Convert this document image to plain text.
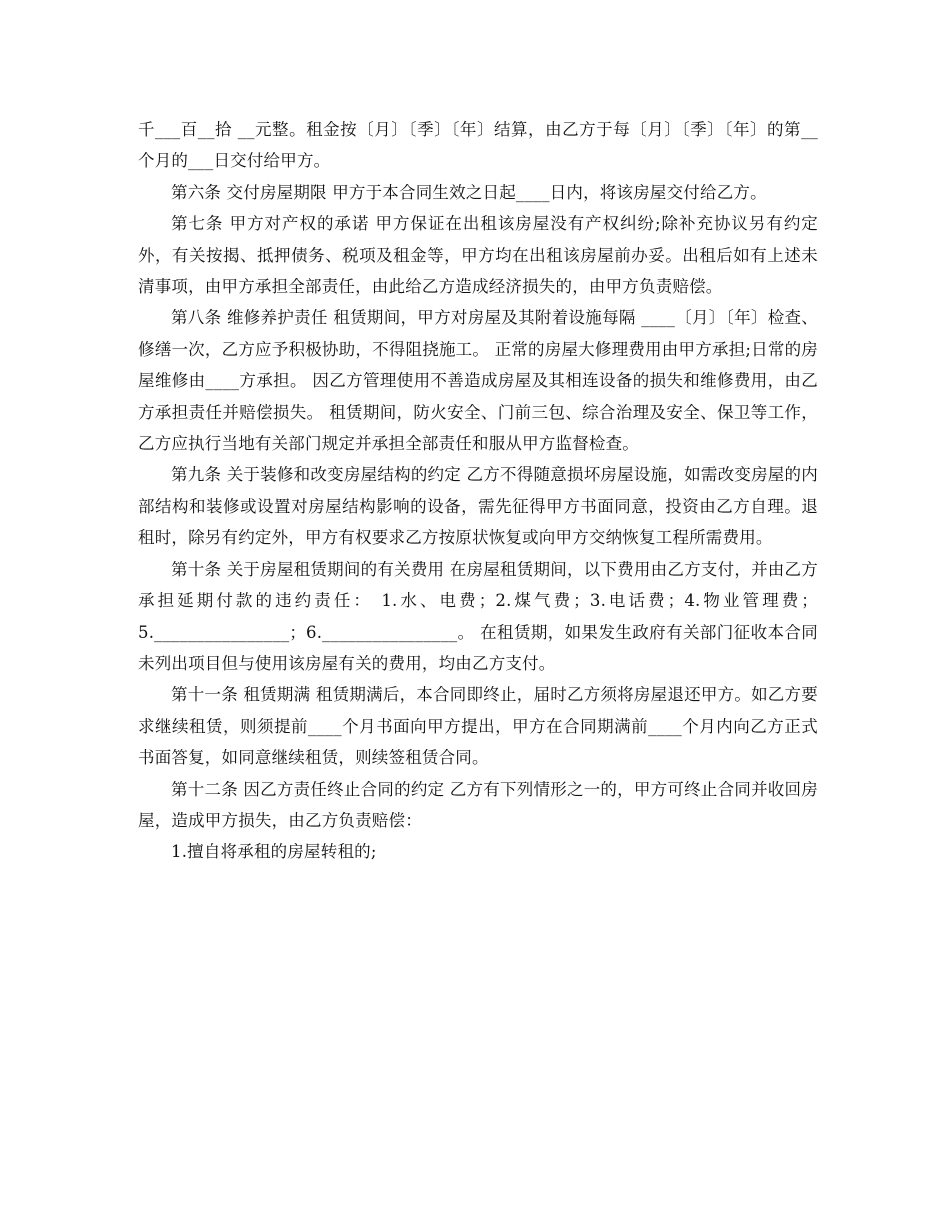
千___百__拾 __元整。租金按〔月〕〔季〕〔年〕结算，由乙方于每〔月〕〔季〕〔年〕的第__个月的___日交付给甲方。

第六条 交付房屋期限 甲方于本合同生效之日起____日内，将该房屋交付给乙方。

第七条 甲方对产权的承诺 甲方保证在出租该房屋没有产权纠纷;除补充协议另有约定外，有关按揭、抵押债务、税项及租金等，甲方均在出租该房屋前办妥。出租后如有上述未清事项，由甲方承担全部责任，由此给乙方造成经济损失的，由甲方负责赔偿。

第八条 维修养护责任 租赁期间，甲方对房屋及其附着设施每隔 ____〔月〕〔年〕检查、修缮一次，乙方应予积极协助，不得阻挠施工。 正常的房屋大修理费用由甲方承担;日常的房屋维修由____方承担。 因乙方管理使用不善造成房屋及其相连设备的损失和维修费用，由乙方承担责任并赔偿损失。 租赁期间，防火安全、门前三包、综合治理及安全、保卫等工作，乙方应执行当地有关部门规定并承担全部责任和服从甲方监督检查。

第九条 关于装修和改变房屋结构的约定 乙方不得随意损坏房屋设施，如需改变房屋的内部结构和装修或设置对房屋结构影响的设备，需先征得甲方书面同意，投资由乙方自理。退租时，除另有约定外，甲方有权要求乙方按原状恢复或向甲方交纳恢复工程所需费用。

第十条 关于房屋租赁期间的有关费用 在房屋租赁期间，以下费用由乙方支付，并由乙方承担延期付款的违约责任： 1.水、电费；2.煤气费；3.电话费；4.物业管理费；5.________________；6.________________。 在租赁期，如果发生政府有关部门征收本合同未列出项目但与使用该房屋有关的费用，均由乙方支付。

第十一条 租赁期满 租赁期满后，本合同即终止，届时乙方须将房屋退还甲方。如乙方要求继续租赁，则须提前____个月书面向甲方提出，甲方在合同期满前____个月内向乙方正式书面答复，如同意继续租赁，则续签租赁合同。

第十二条 因乙方责任终止合同的约定 乙方有下列情形之一的，甲方可终止合同并收回房屋，造成甲方损失，由乙方负责赔偿：

1.擅自将承租的房屋转租的;
